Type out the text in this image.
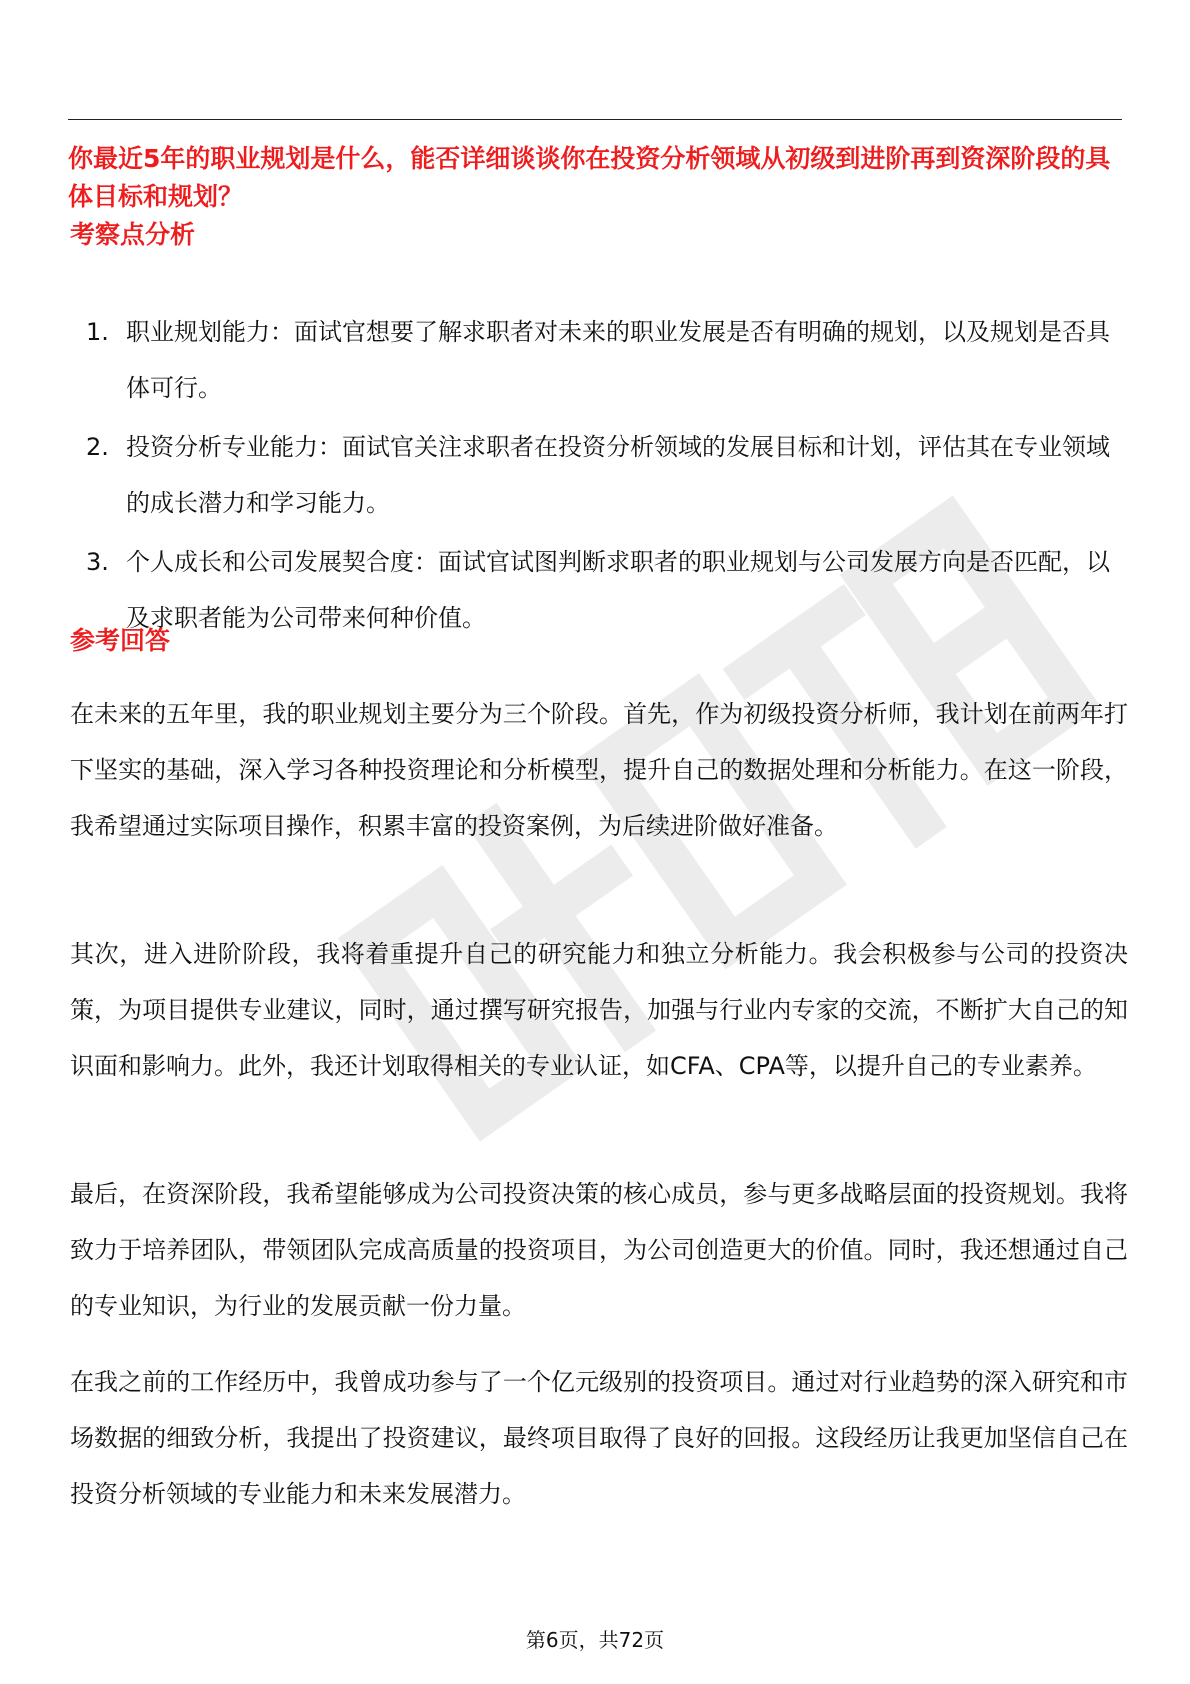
你最近5年的职业规划是什么，能否详细谈谈你在投资分析领域从初级到进阶再到资深阶段的具体目标和规划？
考察点分析
1. 职业规划能力：面试官想要了解求职者对未来的职业发展是否有明确的规划，以及规划是否具体可行。
2. 投资分析专业能力：面试官关注求职者在投资分析领域的发展目标和计划，评估其在专业领域的成长潜力和学习能力。
3. 个人成长和公司发展契合度：面试官试图判断求职者的职业规划与公司发展方向是否匹配，以及求职者能为公司带来何种价值。
参考回答

在未来的五年里，我的职业规划主要分为三个阶段。首先，作为初级投资分析师，我计划在前两年打下坚实的基础，深入学习各种投资理论和分析模型，提升自己的数据处理和分析能力。在这一阶段，我希望通过实际项目操作，积累丰富的投资案例，为后续进阶做好准备。

其次，进入进阶阶段，我将着重提升自己的研究能力和独立分析能力。我会积极参与公司的投资决策，为项目提供专业建议，同时，通过撰写研究报告，加强与行业内专家的交流，不断扩大自己的知识面和影响力。此外，我还计划取得相关的专业认证，如CFA、CPA等，以提升自己的专业素养。

最后，在资深阶段，我希望能够成为公司投资决策的核心成员，参与更多战略层面的投资规划。我将致力于培养团队，带领团队完成高质量的投资项目，为公司创造更大的价值。同时，我还想通过自己的专业知识，为行业的发展贡献一份力量。

在我之前的工作经历中，我曾成功参与了一个亿元级别的投资项目。通过对行业趋势的深入研究和市场数据的细致分析，我提出了投资建议，最终项目取得了良好的回报。这段经历让我更加坚信自己在投资分析领域的专业能力和未来发展潜力。

第6页，共72页
